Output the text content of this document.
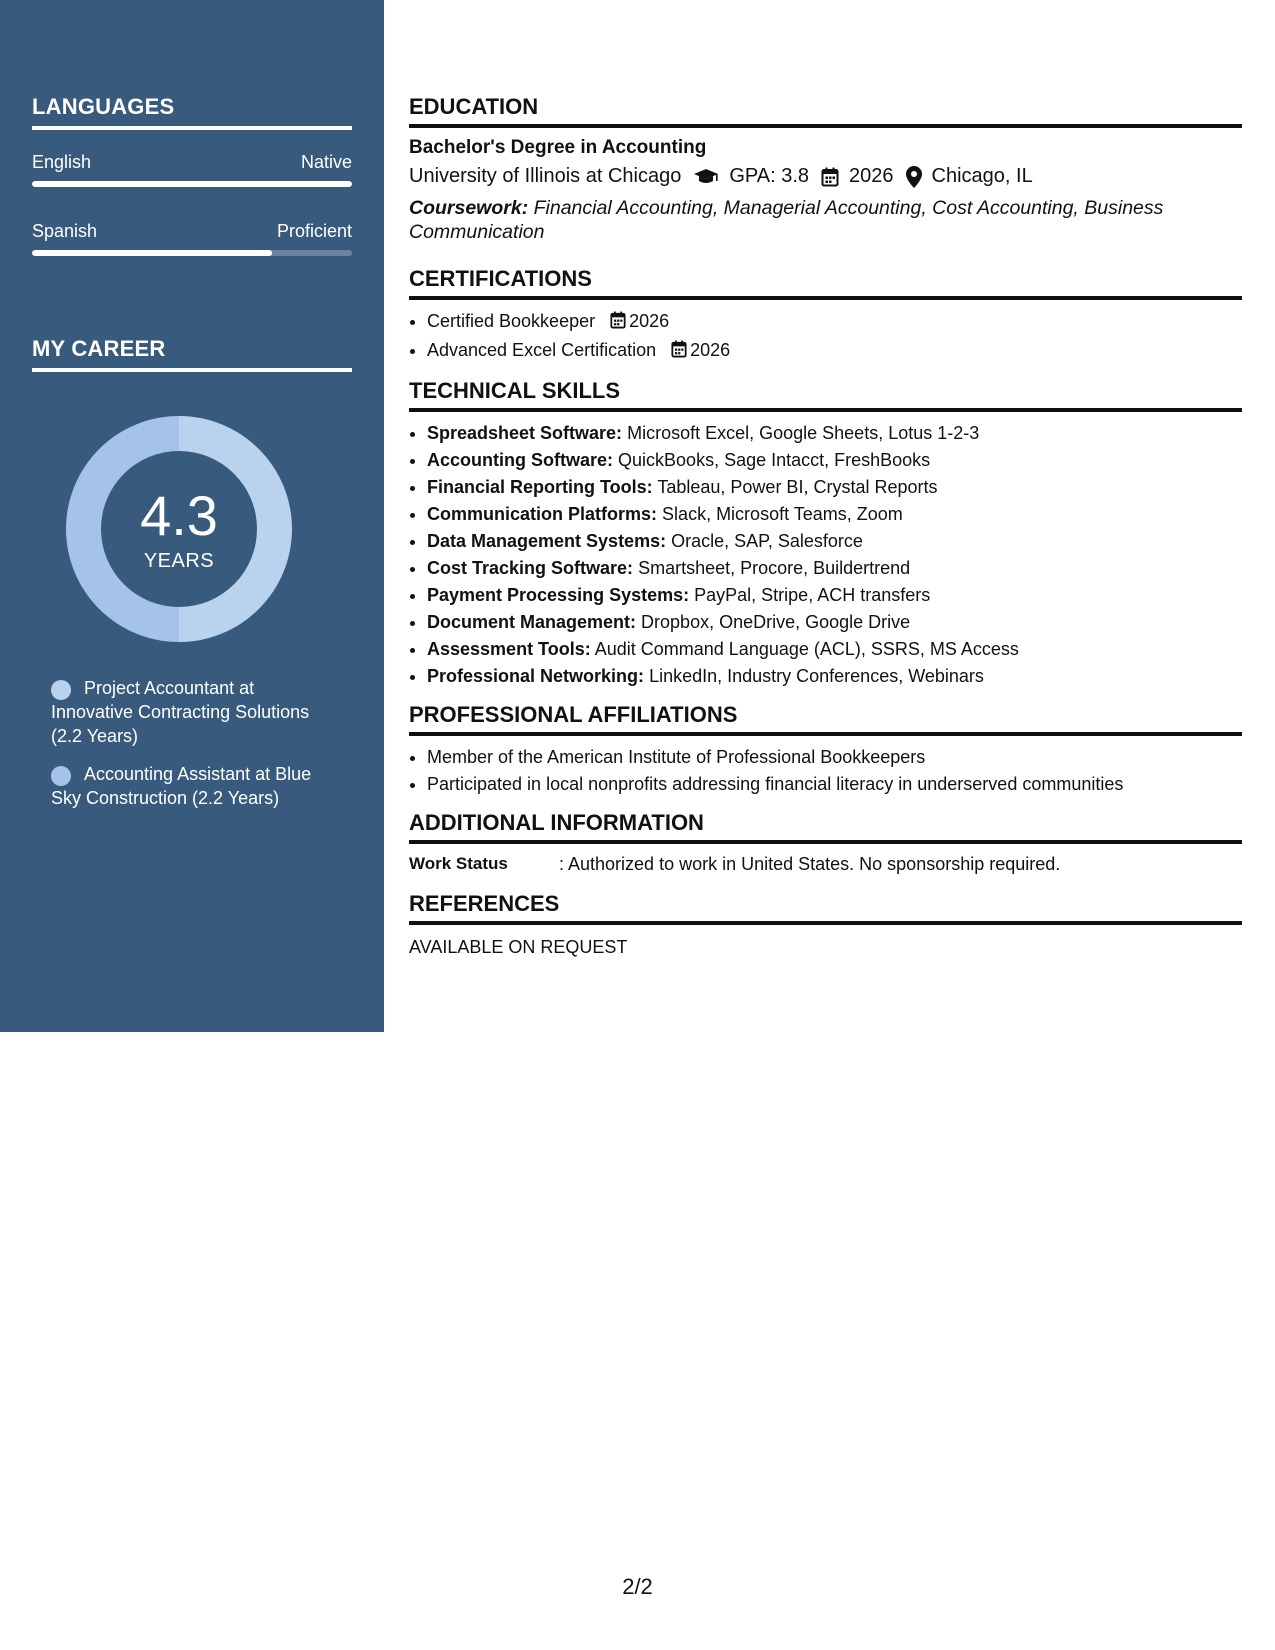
LANGUAGES
English	Native
Spanish	Proficient
MY CAREER
4.3
YEARS
Project Accountant at Innovative Contracting Solutions (2.2 Years)
Accounting Assistant at Blue Sky Construction (2.2 Years)
EDUCATION
Bachelor's Degree in Accounting
University of Illinois at Chicago GPA: 3.8 2026 Chicago, IL
Coursework: Financial Accounting, Managerial Accounting, Cost Accounting, Business Communication
CERTIFICATIONS
• Certified Bookkeeper 2026
• Advanced Excel Certification 2026
TECHNICAL SKILLS
• Spreadsheet Software: Microsoft Excel, Google Sheets, Lotus 1-2-3
• Accounting Software: QuickBooks, Sage Intacct, FreshBooks
• Financial Reporting Tools: Tableau, Power BI, Crystal Reports
• Communication Platforms: Slack, Microsoft Teams, Zoom
• Data Management Systems: Oracle, SAP, Salesforce
• Cost Tracking Software: Smartsheet, Procore, Buildertrend
• Payment Processing Systems: PayPal, Stripe, ACH transfers
• Document Management: Dropbox, OneDrive, Google Drive
• Assessment Tools: Audit Command Language (ACL), SSRS, MS Access
• Professional Networking: LinkedIn, Industry Conferences, Webinars
PROFESSIONAL AFFILIATIONS
• Member of the American Institute of Professional Bookkeepers
• Participated in local nonprofits addressing financial literacy in underserved communities
ADDITIONAL INFORMATION
Work Status	: Authorized to work in United States. No sponsorship required.
REFERENCES
AVAILABLE ON REQUEST
2/2
